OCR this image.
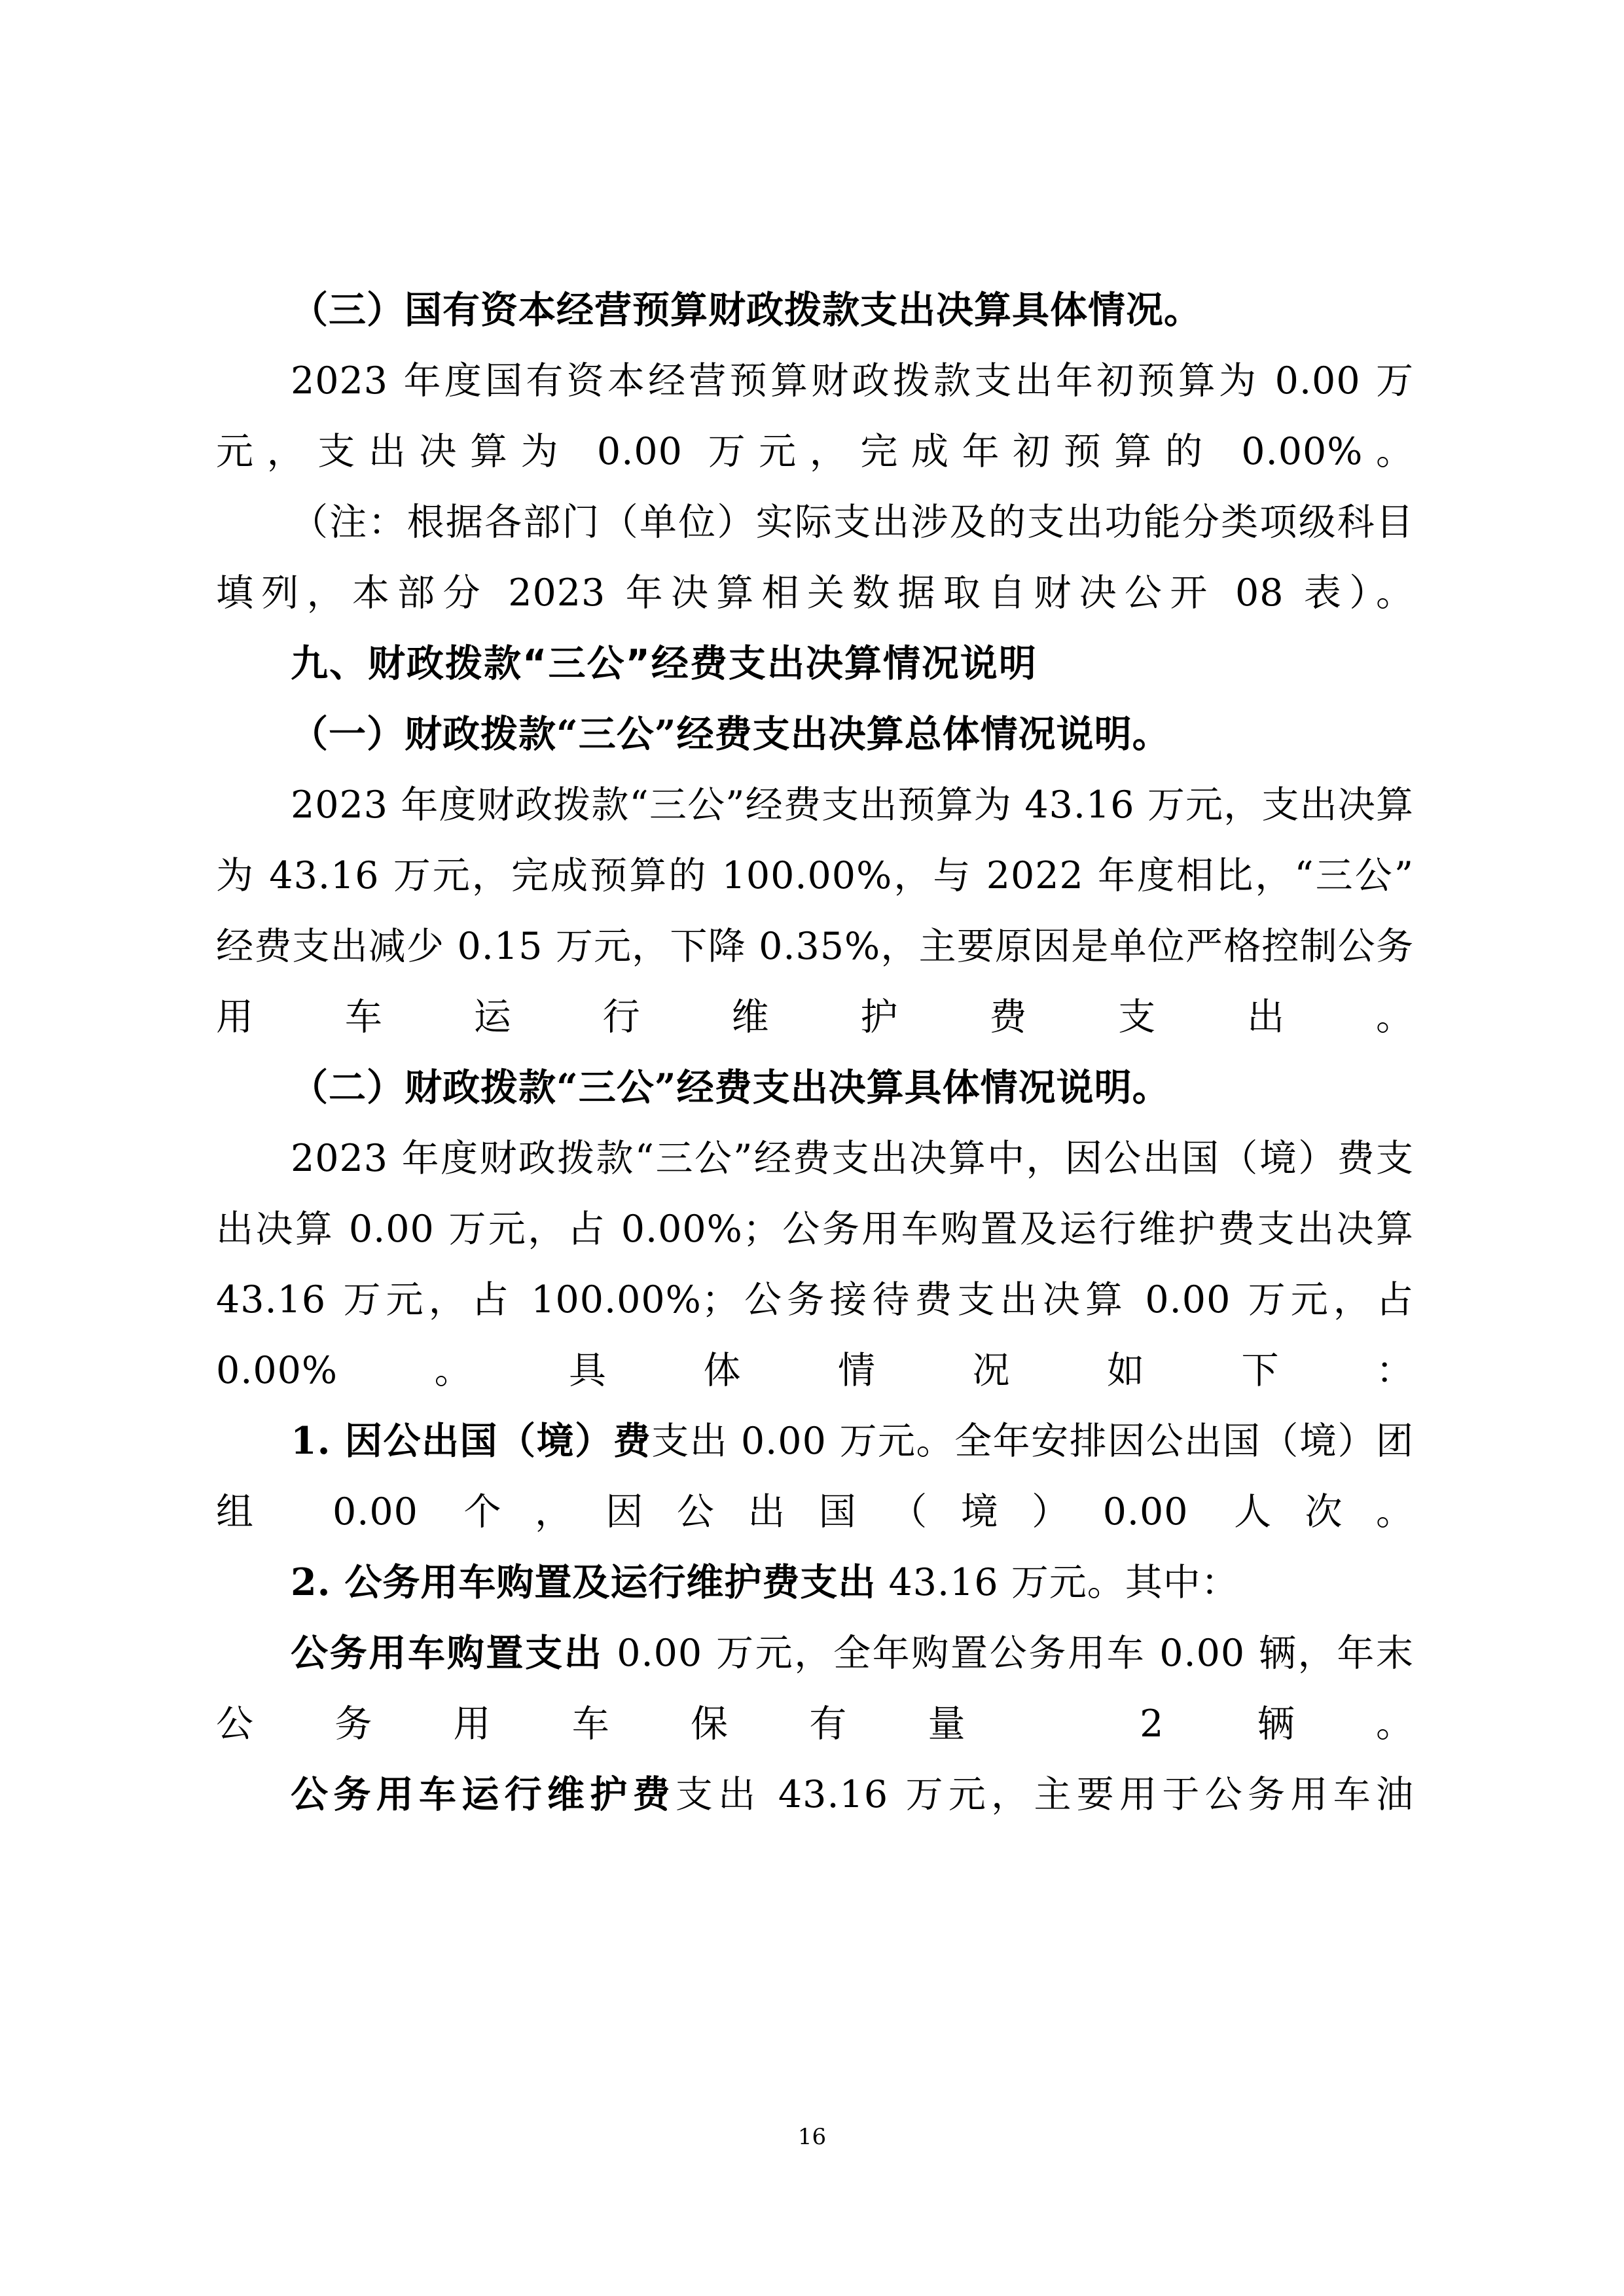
（三）国有资本经营预算财政拨款支出决算具体情况。

2023 年度国有资本经营预算财政拨款支出年初预算为 0.00 万元，支出决算为 0.00 万元，完成年初预算的 0.00%。

（注：根据各部门（单位）实际支出涉及的支出功能分类项级科目填列，本部分 2023 年决算相关数据取自财决公开 08 表）。

九、财政拨款“三公”经费支出决算情况说明

（一）财政拨款“三公”经费支出决算总体情况说明。

2023 年度财政拨款“三公”经费支出预算为 43.16 万元，支出决算为 43.16 万元，完成预算的 100.00%，与 2022 年度相比，“三公”经费支出减少 0.15 万元，下降 0.35%，主要原因是单位严格控制公务用车运行维护费支出。

（二）财政拨款“三公”经费支出决算具体情况说明。

2023 年度财政拨款“三公”经费支出决算中，因公出国（境）费支出决算 0.00 万元，占 0.00%；公务用车购置及运行维护费支出决算 43.16 万元，占 100.00%；公务接待费支出决算 0.00 万元，占 0.00%。具体情况如下：

1. 因公出国（境）费支出 0.00 万元。全年安排因公出国（境）团组 0.00 个，因公出国（境）0.00 人次。

2. 公务用车购置及运行维护费支出 43.16 万元。其中：

公务用车购置支出 0.00 万元，全年购置公务用车 0.00 辆，年末公务用车保有量 2 辆。

公务用车运行维护费支出 43.16 万元，主要用于公务用车油

16
